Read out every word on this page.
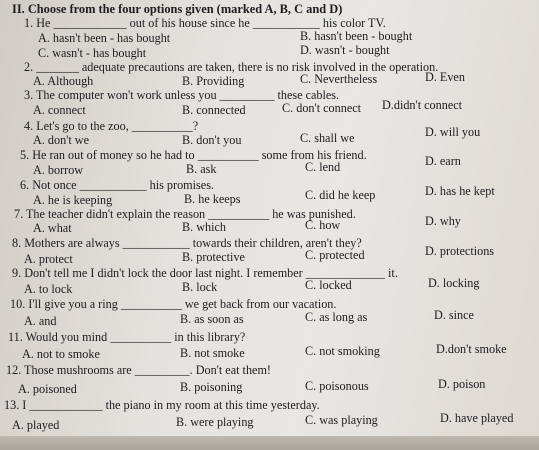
II. Choose from the four options given (marked A, B, C and D)
1. He ____________ out of his house since he ___________ his color TV.
A. hasn't been - has bought	B. hasn't been - bought
C. wasn't - has bought	D. wasn't - bought
2. _______ adequate precautions are taken, there is no risk involved in the operation.
A. Although	B. Providing	C. Nevertheless	D. Even
3. The computer won't work unless you _________ these cables.
A. connect	B. connected	C. don't connect D.didn't connect
4. Let's go to the zoo, __________?
A. don't we	B. don't you	C. shall we	D. will you
5. He ran out of money so he had to __________ some from his friend.
A. borrow	B. ask	C. lend	D. earn
6. Not once ___________ his promises.
A. he is keeping	B. he keeps	C. did he keep	D. has he kept
7. The teacher didn't explain the reason __________ he was punished.
A. what	B. which	C. how	D. why
8. Mothers are always ___________ towards their children, aren't they?
A. protect	B. protective	C. protected	D. protections
9. Don't tell me I didn't lock the door last night. I remember _____________ it.
A. to lock	B. lock	C. locked	D. locking
10. I'll give you a ring __________ we get back from our vacation.
A. and	B. as soon as	C. as long as	D. since
11. Would you mind __________ in this library?
A. not to smoke	B. not smoke	C. not smoking	D.don't smoke
12. Those mushrooms are _________. Don't eat them!
A. poisoned	B. poisoning	C. poisonous	D. poison
13. I ____________ the piano in my room at this time yesterday.
A. played	B. were playing	C. was playing	D. have played
